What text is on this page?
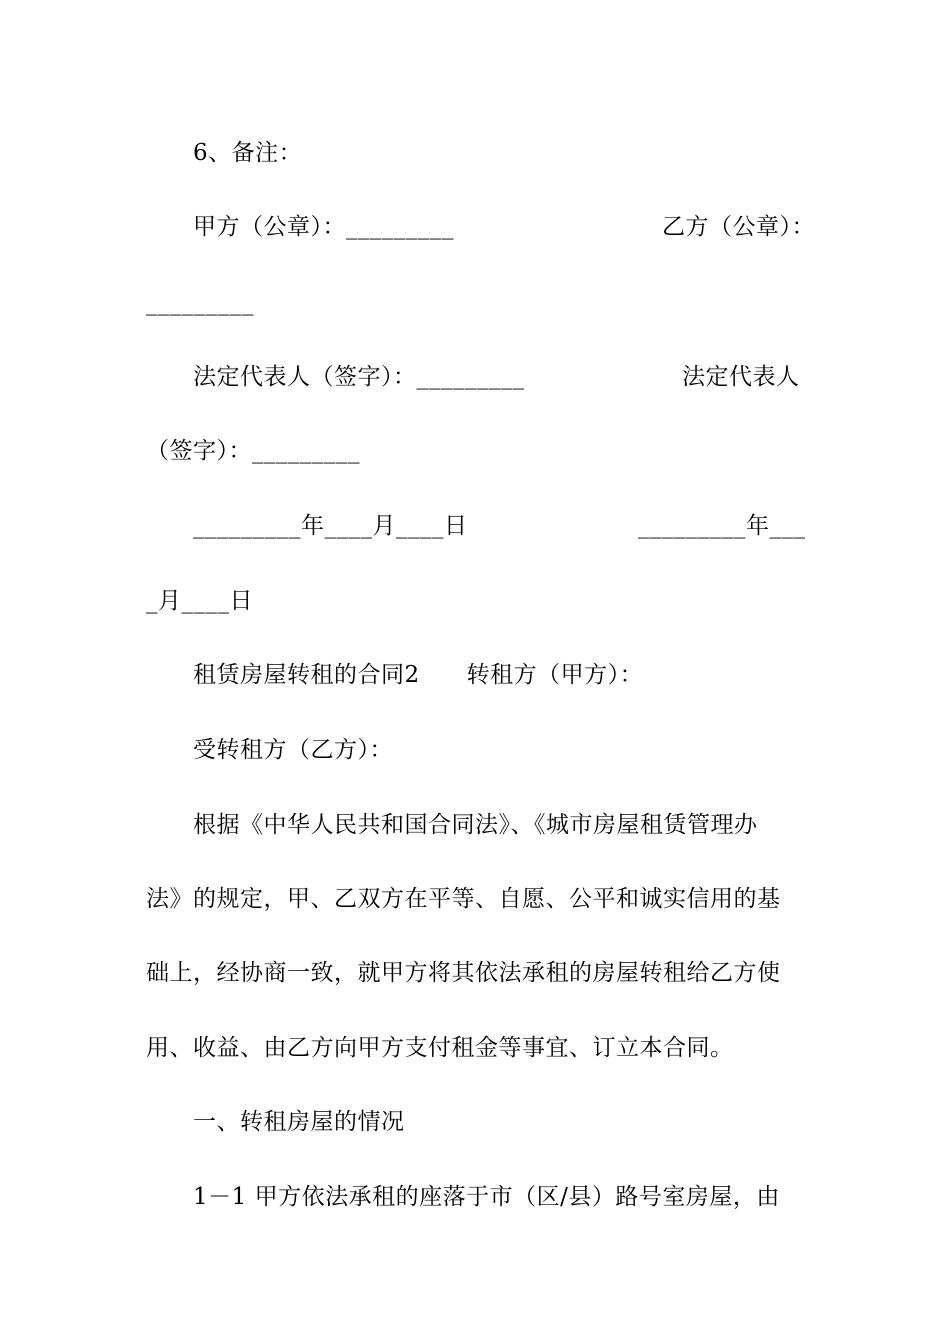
6、备注：
甲方（公章）：_________	乙方（公章）：
_________
法定代表人（签字）：_________	法定代表人
（签字）：_________
_________年____月____日	_________年___
_月____日
租赁房屋转租的合同2　　转租方（甲方）：
受转租方（乙方）：
根据《中华人民共和国合同法》、《城市房屋租赁管理办
法》的规定，甲、乙双方在平等、自愿、公平和诚实信用的基
础上，经协商一致，就甲方将其依法承租的房屋转租给乙方使
用、收益、由乙方向甲方支付租金等事宜、订立本合同。
一、转租房屋的情况
1－1 甲方依法承租的座落于市（区/县）路号室房屋，由
